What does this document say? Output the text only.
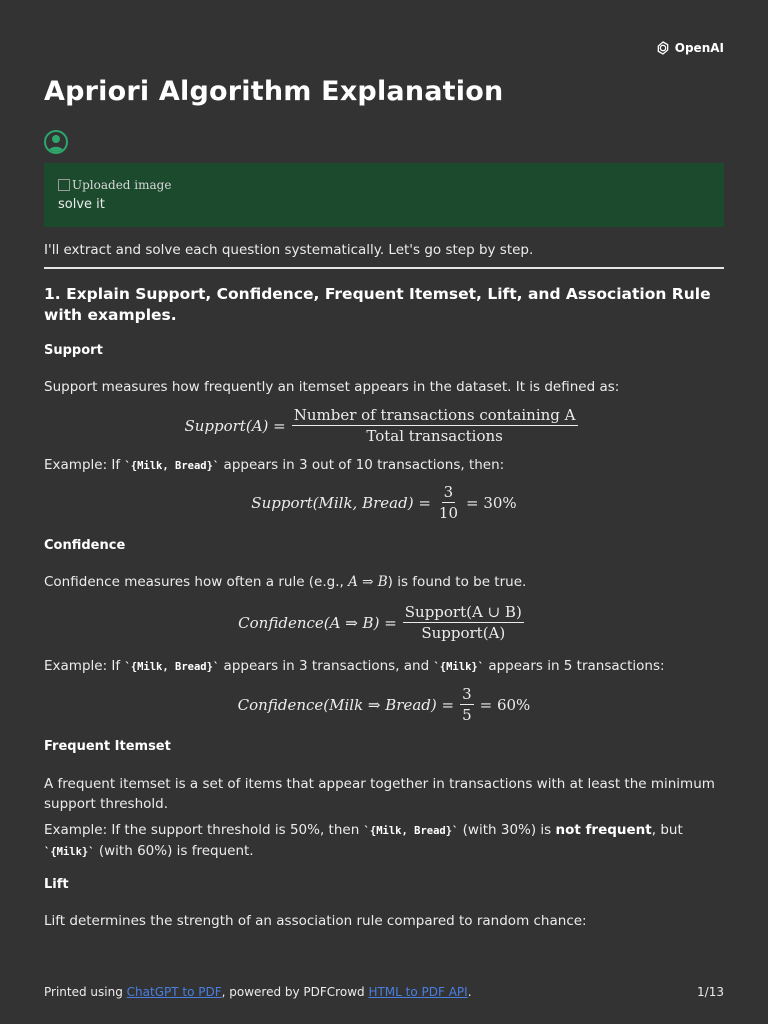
OpenAI
Apriori Algorithm Explanation
Uploaded image
solve it
I'll extract and solve each question systematically. Let's go step by step.
1. Explain Support, Confidence, Frequent Itemset, Lift, and Association Rule with examples.
Support
Support measures how frequently an itemset appears in the dataset. It is defined as:
Support(A) = $\frac{\text{Number of transactions containing A}}{\text{Total transactions}}$
Example: If `{Milk, Bread}` appears in 3 out of 10 transactions, then:
Support(Milk, Bread) = $\frac{3}{10} = 30\%$
Confidence
Confidence measures how often a rule (e.g., A ⇒ B) is found to be true.
Confidence(A ⇒ $B) = \frac{\text{Support(A ∪ B)}}{\text{Support(A)}}$
Example: If `{Milk, Bread}` appears in 3 transactions, and `{Milk}` appears in 5 transactions:
Confidence(Milk ⇒ Bread) = $\frac{3}{5} = 60\%$
Frequent Itemset
A frequent itemset is a set of items that appear together in transactions with at least the minimum support threshold.
Example: If the support threshold is 50%, then `{Milk, Bread}` (with 30%) is not frequent, but `{Milk}` (with 60%) is frequent.
Lift
Lift determines the strength of an association rule compared to random chance:
Printed using ChatGPT to PDF, powered by PDFCrowd HTML to PDF API.	1/13
